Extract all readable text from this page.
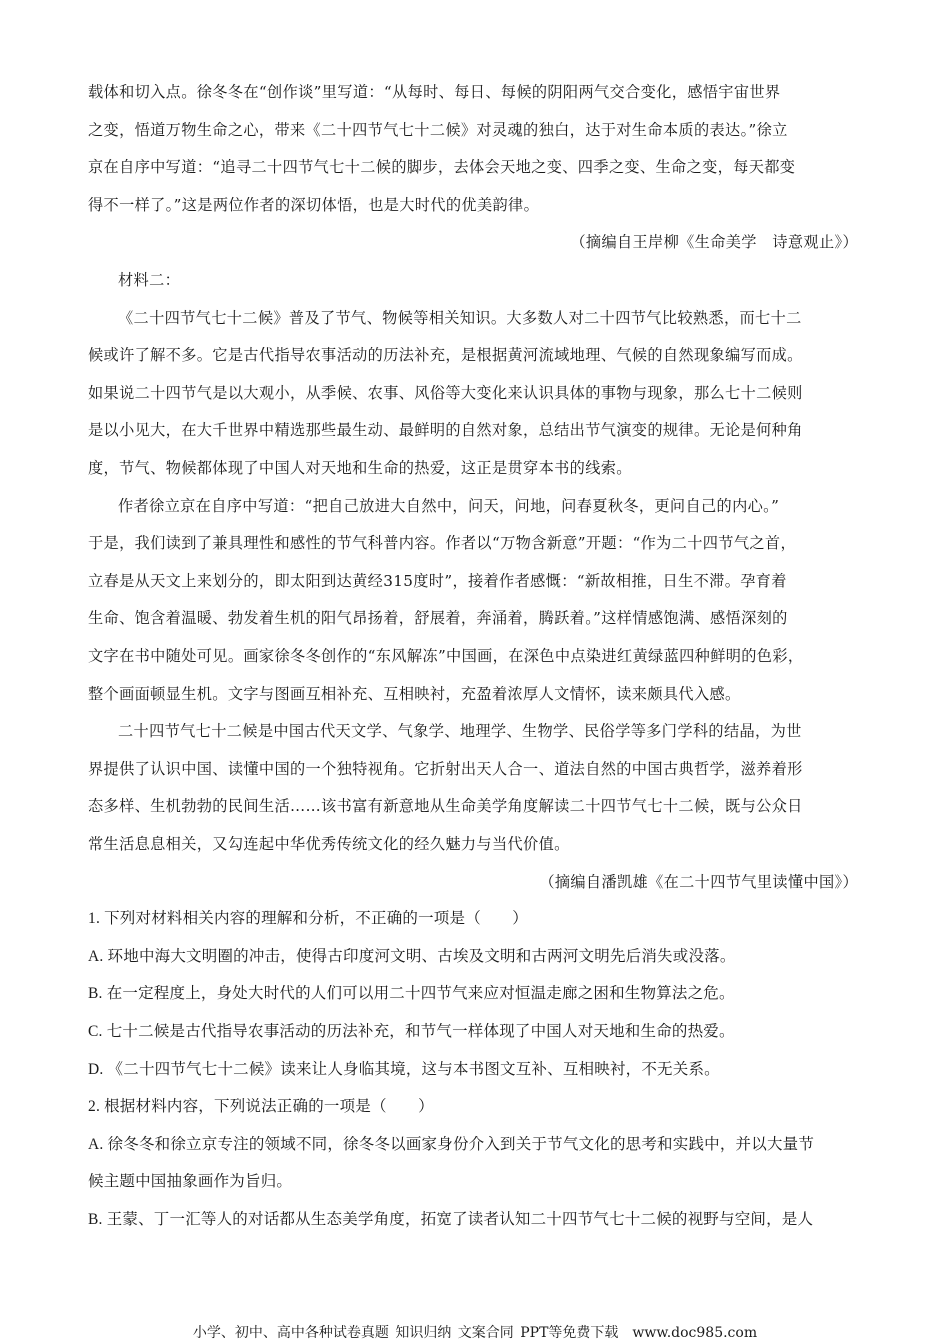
载体和切入点。徐冬冬在“创作谈”里写道：“从每时、每日、每候的阴阳两气交合变化，感悟宇宙世界
之变，悟道万物生命之心，带来《二十四节气七十二候》对灵魂的独白，达于对生命本质的表达。”徐立
京在自序中写道：“追寻二十四节气七十二候的脚步，去体会天地之变、四季之变、生命之变，每天都变
得不一样了。”这是两位作者的深切体悟，也是大时代的优美韵律。
（摘编自王岸柳《生命美学　诗意观止》）
材料二：
《二十四节气七十二候》普及了节气、物候等相关知识。大多数人对二十四节气比较熟悉，而七十二
候或许了解不多。它是古代指导农事活动的历法补充，是根据黄河流域地理、气候的自然现象编写而成。
如果说二十四节气是以大观小，从季候、农事、风俗等大变化来认识具体的事物与现象，那么七十二候则
是以小见大，在大千世界中精选那些最生动、最鲜明的自然对象，总结出节气演变的规律。无论是何种角
度，节气、物候都体现了中国人对天地和生命的热爱，这正是贯穿本书的线索。
作者徐立京在自序中写道：“把自己放进大自然中，问天，问地，问春夏秋冬，更问自己的内心。”
于是，我们读到了兼具理性和感性的节气科普内容。作者以“万物含新意”开题：“作为二十四节气之首，
立春是从天文上来划分的，即太阳到达黄经315度时”，接着作者感慨：“新故相推，日生不滞。孕育着
生命、饱含着温暖、勃发着生机的阳气昂扬着，舒展着，奔涌着，腾跃着。”这样情感饱满、感悟深刻的
文字在书中随处可见。画家徐冬冬创作的“东风解冻”中国画，在深色中点染进红黄绿蓝四种鲜明的色彩，
整个画面顿显生机。文字与图画互相补充、互相映衬，充盈着浓厚人文情怀，读来颇具代入感。
二十四节气七十二候是中国古代天文学、气象学、地理学、生物学、民俗学等多门学科的结晶，为世
界提供了认识中国、读懂中国的一个独特视角。它折射出天人合一、道法自然的中国古典哲学，滋养着形
态多样、生机勃勃的民间生活……该书富有新意地从生命美学角度解读二十四节气七十二候，既与公众日
常生活息息相关，又勾连起中华优秀传统文化的经久魅力与当代价值。
（摘编自潘凯雄《在二十四节气里读懂中国》）
1. 下列对材料相关内容的理解和分析，不正确的一项是（　　）
A. 环地中海大文明圈的冲击，使得古印度河文明、古埃及文明和古两河文明先后消失或没落。
B. 在一定程度上，身处大时代的人们可以用二十四节气来应对恒温走廊之困和生物算法之危。
C. 七十二候是古代指导农事活动的历法补充，和节气一样体现了中国人对天地和生命的热爱。
D. 《二十四节气七十二候》读来让人身临其境，这与本书图文互补、互相映衬，不无关系。
2. 根据材料内容，下列说法正确的一项是（　　）
A. 徐冬冬和徐立京专注的领域不同，徐冬冬以画家身份介入到关于节气文化的思考和实践中，并以大量节
候主题中国抽象画作为旨归。
B. 王蒙、丁一汇等人的对话都从生态美学角度，拓宽了读者认知二十四节气七十二候的视野与空间，是人
小学、初中、高中各种试卷真题 知识归纳 文案合同 PPT等免费下载　www.doc985.com
